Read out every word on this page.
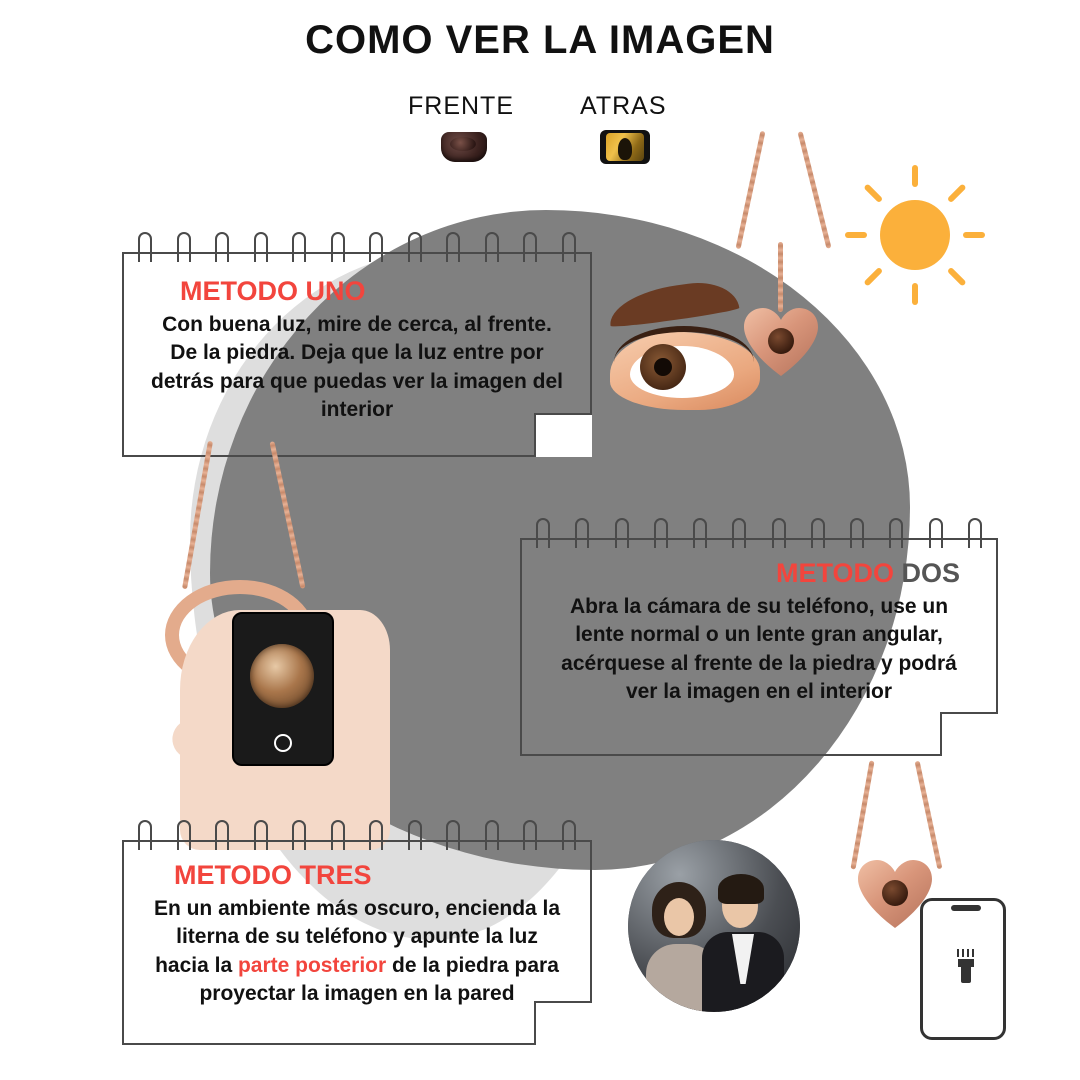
COMO VER LA IMAGEN
FRENTE	ATRAS

METODO UNO

Con buena luz, mire de cerca, al frente. De la piedra. Deja que la luz entre por detrás para que puedas ver la imagen del interior

METODO DOS

Abra la cámara de su teléfono, use un lente normal o un lente gran angular, acérquese al frente de la piedra y podrá ver la imagen en el interior

METODO TRES

En un ambiente más oscuro, encienda la literna de su teléfono y apunte la luz hacia la parte posterior de la piedra para proyectar la imagen en la pared
